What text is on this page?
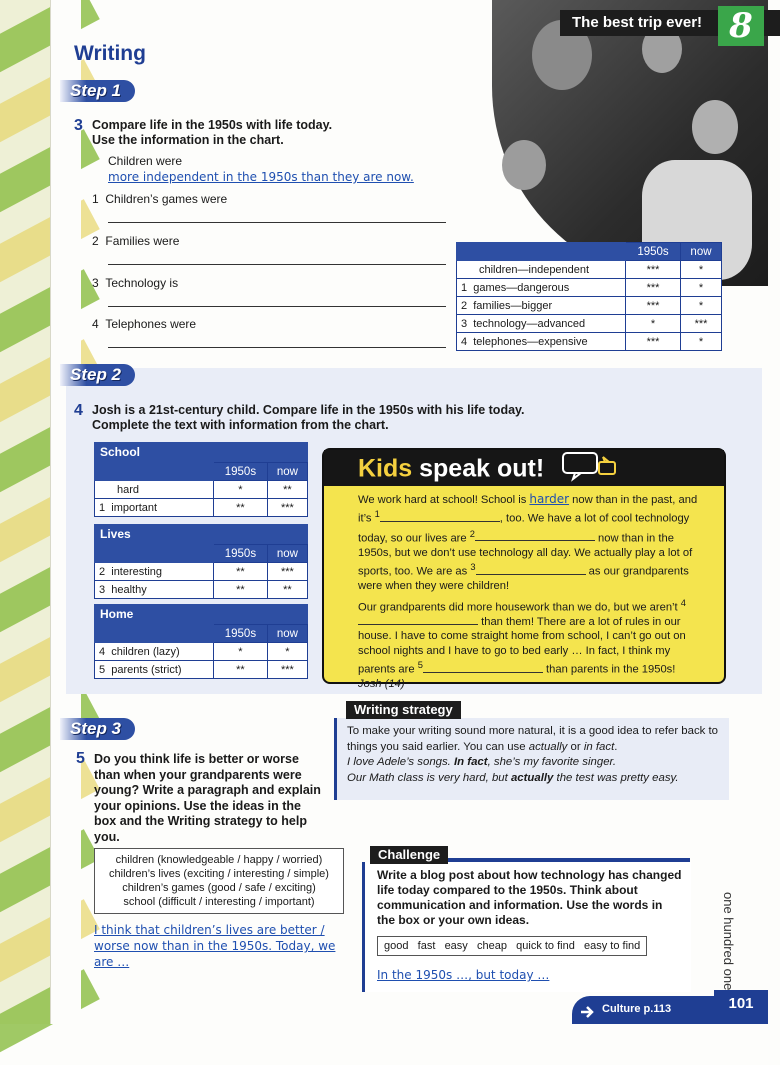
The best trip ever! 8
Writing
Step 1
3 Compare life in the 1950s with life today.
Use the information in the chart.
Children were
more independent in the 1950s than they are now.
1 Children’s games were
2 Families were
3 Technology is
4 Telephones were
	1950s	now
children—independent	***	*
1 games—dangerous	***	*
2 families—bigger	***	*
3 technology—advanced	*	***
4 telephones—expensive	***	*
Step 2
4 Josh is a 21st-century child. Compare life in the 1950s with his life today.
Complete the text with information from the chart.
School
	1950s	now
hard	*	**
1 important	**	***
Lives
	1950s	now
2 interesting	**	***
3 healthy	**	**
Home
	1950s	now
4 children (lazy)	*	*
5 parents (strict)	**	***
Kids speak out!
We work hard at school! School is harder now than in the past, and it’s $^1$	, too. We have a lot of cool technology today, so our lives are $^2$	now than in the 1950s, but we don’t use technology all day. We actually play a lot of sports, too. We are as $^3$	as our grandparents were when they were children!
Our grandparents did more housework than we do, but we aren’t $^4$ than them! There are a lot of rules in our house. I have to come straight home from school, I can’t go out on school nights and I have to go to bed early … In fact, I think my parents are $^5$	than parents in the 1950s!
Josh (14)
To make your writing sound more natural, it is a good idea to refer back to things you said earlier. You can use actually or in fact.
I love Adele’s songs. In fact, she’s my favorite singer.
Our Math class is very hard, but actually the test was pretty easy.
Writing strategy
Step 3
5 Do you think life is better or worse than when your grandparents were young? Write a paragraph and explain your opinions. Use the ideas in the box and the Writing strategy to help you.
children (knowledgeable / happy / worried)
children’s lives (exciting / interesting / simple)
children’s games (good / safe / exciting)
school (difficult / interesting / important)
I think that children’s lives are better / worse now than in the 1950s. Today, we are …
Write a blog post about how technology has changed life today compared to the 1950s. Think about communication and information. Use the words in the box or your own ideas.
good fast easy cheap quick to find easy to find
In the 1950s …, but today …
Challenge
one hundred one
Culture p.113	101
